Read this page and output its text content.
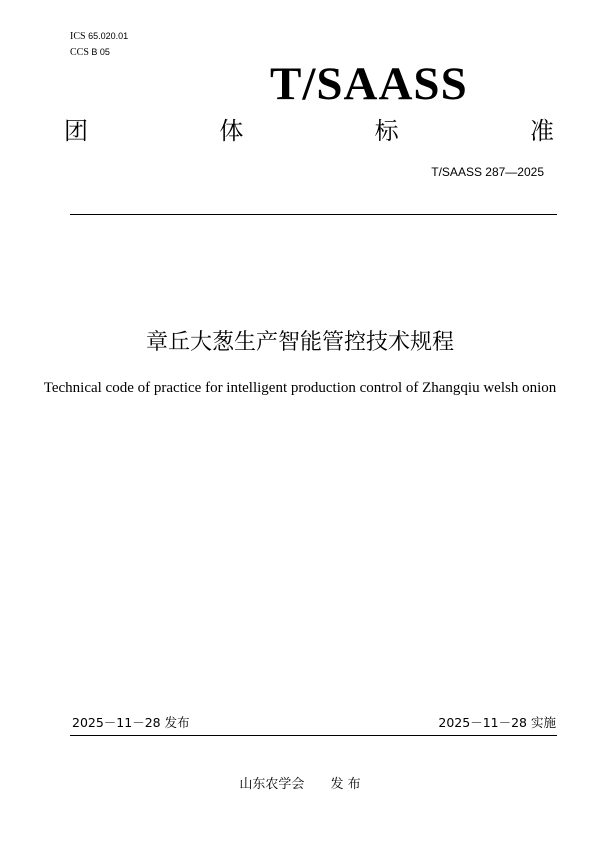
ICS 65.020.01
CCS B 05
T/SAASS
团	体	标	准
T/SAASS 287—2025
章丘大葱生产智能管控技术规程
Technical code of practice for intelligent production control of Zhangqiu welsh onion
2025－11－28 发布	2025－11－28 实施
山东农学会 发 布
